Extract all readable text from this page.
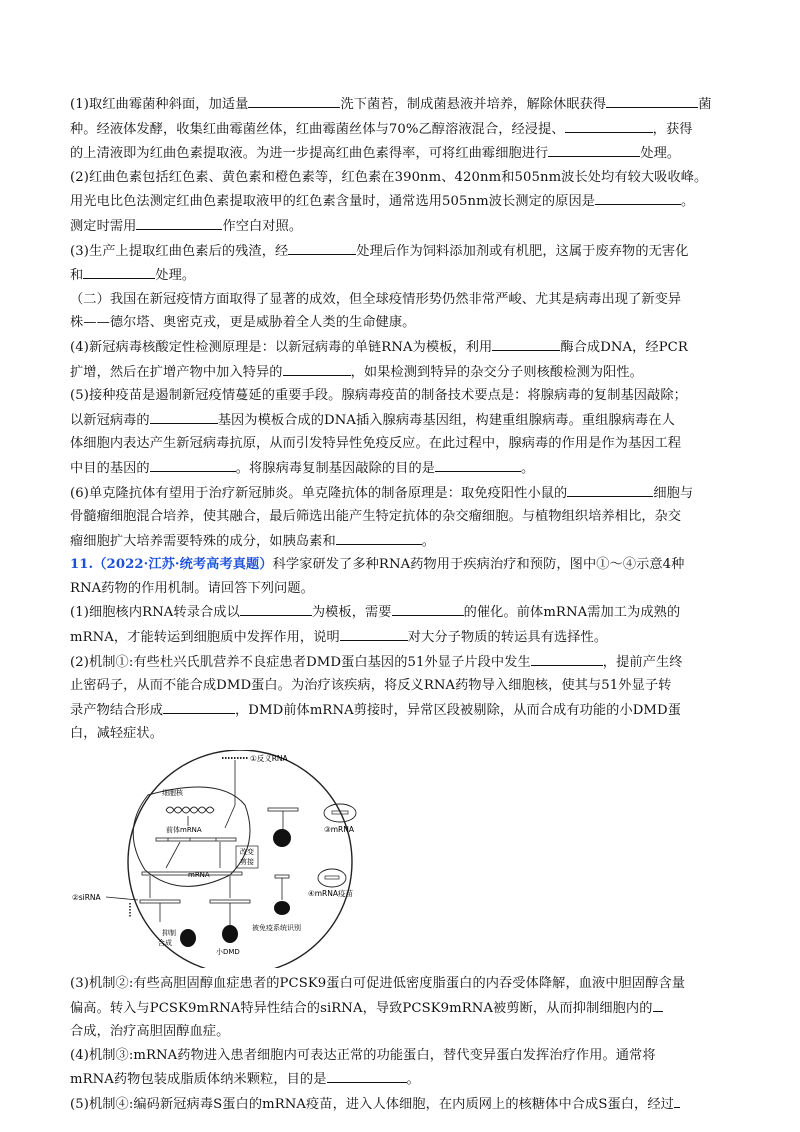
(1)取红曲霉菌种斜面，加适量	洗下菌苔，制成菌悬液并培养，解除休眠获得	菌

种。经液体发酵，收集红曲霉菌丝体，红曲霉菌丝体与70%乙醇溶液混合，经浸提、	，获得

的上清液即为红曲色素提取液。为进一步提高红曲色素得率，可将红曲霉细胞进行	处理。

(2)红曲色素包括红色素、黄色素和橙色素等，红色素在390nm、420nm和505nm波长处均有较大吸收峰。

用光电比色法测定红曲色素提取液甲的红色素含量时，通常选用505nm波长测定的原因是	。

测定时需用	作空白对照。

(3)生产上提取红曲色素后的残渣，经	处理后作为饲料添加剂或有机肥，这属于废弃物的无害化

和	处理。

（二）我国在新冠疫情方面取得了显著的成效，但全球疫情形势仍然非常严峻、尤其是病毒出现了新变异

株——德尔塔、奥密克戎，更是威胁着全人类的生命健康。

(4)新冠病毒核酸定性检测原理是：以新冠病毒的单链RNA为模板，利用	酶合成DNA，经PCR

扩增，然后在扩增产物中加入特异的	，如果检测到特异的杂交分子则核酸检测为阳性。

(5)接种疫苗是遏制新冠疫情蔓延的重要手段。腺病毒疫苗的制备技术要点是：将腺病毒的复制基因敲除；

以新冠病毒的	基因为模板合成的DNA插入腺病毒基因组，构建重组腺病毒。重组腺病毒在人

体细胞内表达产生新冠病毒抗原，从而引发特异性免疫反应。在此过程中，腺病毒的作用是作为基因工程

中目的基因的	。将腺病毒复制基因敲除的目的是	。

(6)单克隆抗体有望用于治疗新冠肺炎。单克隆抗体的制备原理是：取免疫阳性小鼠的	细胞与

骨髓瘤细胞混合培养，使其融合，最后筛选出能产生特定抗体的杂交瘤细胞。与植物组织培养相比，杂交

瘤细胞扩大培养需要特殊的成分，如胰岛素和	。

11.（2022·江苏·统考高考真题）科学家研发了多种RNA药物用于疾病治疗和预防，图中①～④示意4种

RNA药物的作用机制。请回答下列问题。

(1)细胞核内RNA转录合成以	为模板，需要	的催化。前体mRNA需加工为成熟的

mRNA，才能转运到细胞质中发挥作用，说明	对大分子物质的转运具有选择性。

(2)机制①:有些杜兴氏肌营养不良症患者DMD蛋白基因的51外显子片段中发生	，提前产生终

止密码子，从而不能合成DMD蛋白。为治疗该疾病，将反义RNA药物导入细胞核，使其与51外显子转

录产物结合形成	，DMD前体mRNA剪接时，异常区段被剔除，从而合成有功能的小DMD蛋

白，减轻症状。

①反义RNA
细胞核
前体mRNA
改变
剪接
mRNA
②siRNA
抑制
合成
小DMD
③mRNA
④mRNA疫苗
被免疫系统识别

(3)机制②:有些高胆固醇血症患者的PCSK9蛋白可促进低密度脂蛋白的内吞受体降解，血液中胆固醇含量

偏高。转入与PCSK9mRNA特异性结合的siRNA，导致PCSK9mRNA被剪断，从而抑制细胞内的

合成，治疗高胆固醇血症。

(4)机制③:mRNA药物进入患者细胞内可表达正常的功能蛋白，替代变异蛋白发挥治疗作用。通常将

mRNA药物包装成脂质体纳米颗粒，目的是	。

(5)机制④:编码新冠病毒S蛋白的mRNA疫苗，进入人体细胞，在内质网上的核糖体中合成S蛋白，经过
